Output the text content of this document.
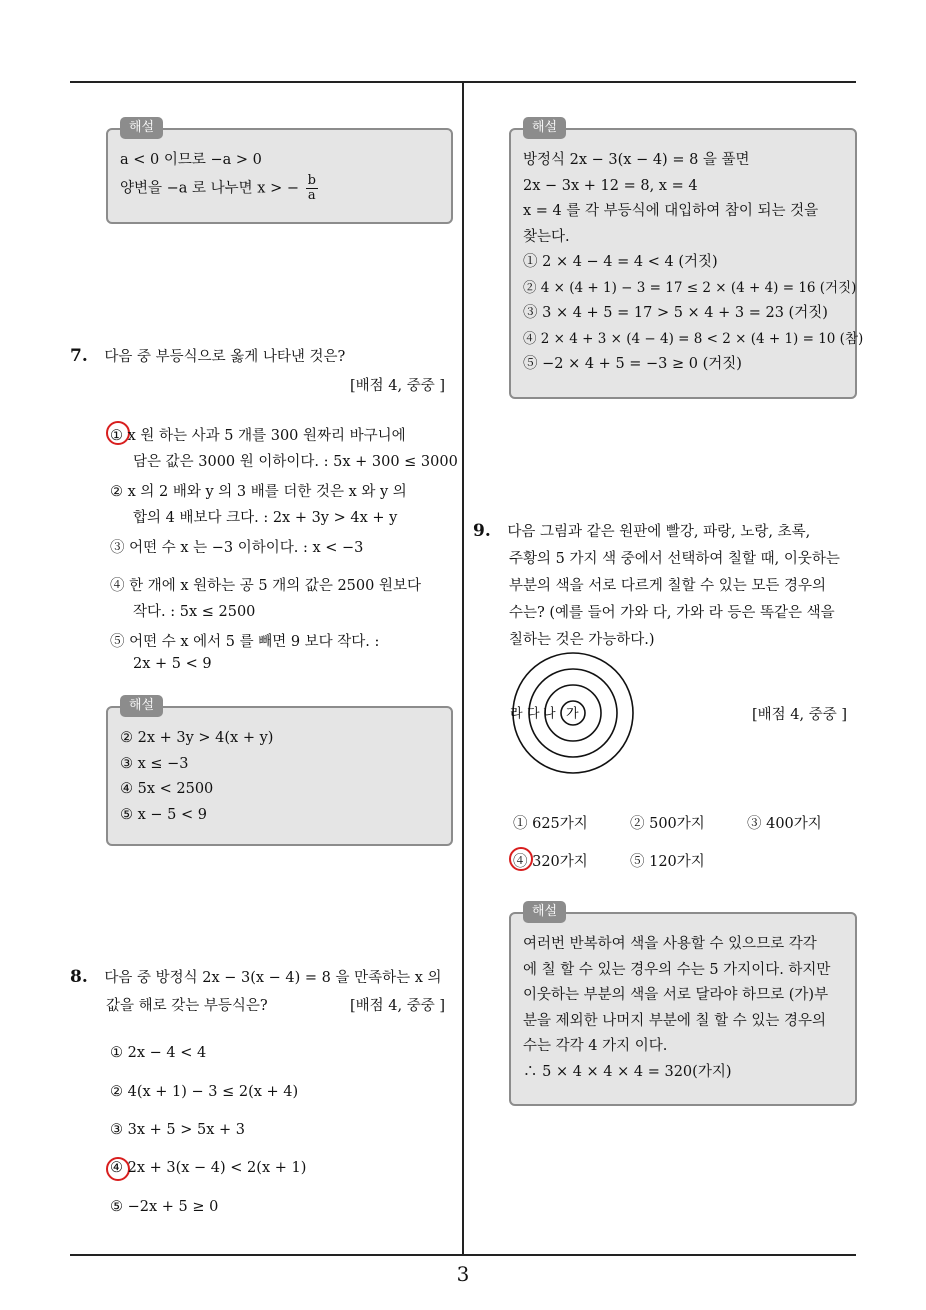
3
해설
a < 0 이므로 −a > 0
양변을 −a 로 나누면 x > − $\frac{b}{a}$
7. 다음 중 부등식으로 옳게 나타낸 것은?
[배점 4, 중중 ]
① x 원 하는 사과 5 개를 300 원짜리 바구니에
담은 값은 3000 원 이하이다. : 5x + 300 ≤ 3000
② x 의 2 배와 y 의 3 배를 더한 것은 x 와 y 의
합의 4 배보다 크다. : 2x + 3y > 4x + y
③ 어떤 수 x 는 −3 이하이다. : x < −3
④ 한 개에 x 원하는 공 5 개의 값은 2500 원보다
작다. : 5x ≤ 2500
⑤ 어떤 수 x 에서 5 를 빼면 9 보다 작다. :
2x + 5 < 9
해설
② 2x + 3y > 4(x + y)
③ x ≤ −3
④ 5x < 2500
⑤ x − 5 < 9
8. 다음 중 방정식 2x − 3(x − 4) = 8 을 만족하는 x 의
값을 해로 갖는 부등식은?	[배점 4, 중중 ]
① 2x − 4 < 4
② 4(x + 1) − 3 ≤ 2(x + 4)
③ 3x + 5 > 5x + 3
④ 2x + 3(x − 4) < 2(x + 1)
⑤ −2x + 5 ≥ 0
해설
방정식 2x − 3(x − 4) = 8 을 풀면
2x − 3x + 12 = 8, x = 4
x = 4 를 각 부등식에 대입하여 참이 되는 것을
찾는다.
① 2 × 4 − 4 = 4 < 4 (거짓)
② 4 × (4 + 1) − 3 = 17 ≤ 2 × (4 + 4) = 16 (거짓)
③ 3 × 4 + 5 = 17 > 5 × 4 + 3 = 23 (거짓)
④ 2 × 4 + 3 × (4 − 4) = 8 < 2 × (4 + 1) = 10 (참)
⑤ −2 × 4 + 5 = −3 ≥ 0 (거짓)
9. 다음 그림과 같은 원판에 빨강, 파랑, 노랑, 초록,
주황의 5 가지 색 중에서 선택하여 칠할 때, 이웃하는
부분의 색을 서로 다르게 칠할 수 있는 모든 경우의
수는? (예를 들어 가와 다, 가와 라 등은 똑같은 색을
칠하는 것은 가능하다.)
라 다 나 가	[배점 4, 중중 ]
① 625가지	② 500가지	③ 400가지
④ 320가지	⑤ 120가지
해설
여러번 반복하여 색을 사용할 수 있으므로 각각
에 칠 할 수 있는 경우의 수는 5 가지이다. 하지만
이웃하는 부분의 색을 서로 달라야 하므로 (가)부
분을 제외한 나머지 부분에 칠 할 수 있는 경우의
수는 각각 4 가지 이다.
∴ 5 × 4 × 4 × 4 = 320(가지)
